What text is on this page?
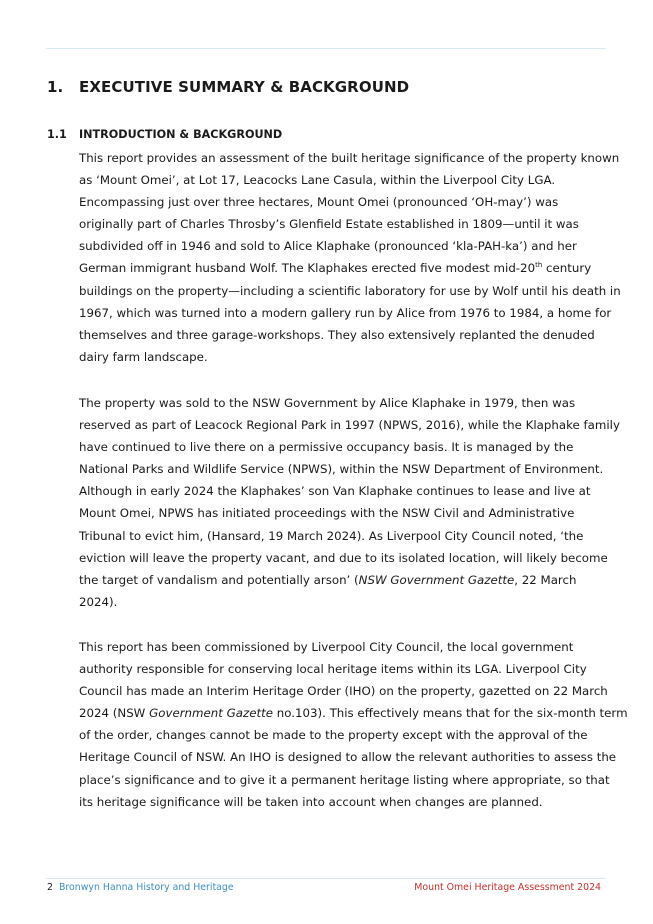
1. EXECUTIVE SUMMARY & BACKGROUND
1.1 INTRODUCTION & BACKGROUND
This report provides an assessment of the built heritage significance of the property known
as ‘Mount Omei’, at Lot 17, Leacocks Lane Casula, within the Liverpool City LGA.
Encompassing just over three hectares, Mount Omei (pronounced ‘OH-may’) was
originally part of Charles Throsby’s Glenfield Estate established in 1809—until it was
subdivided off in 1946 and sold to Alice Klaphake (pronounced ‘kla-PAH-ka’) and her
German immigrant husband Wolf. The Klaphakes erected five modest mid-20th century
buildings on the property—including a scientific laboratory for use by Wolf until his death in
1967, which was turned into a modern gallery run by Alice from 1976 to 1984, a home for
themselves and three garage-workshops. They also extensively replanted the denuded
dairy farm landscape.
The property was sold to the NSW Government by Alice Klaphake in 1979, then was
reserved as part of Leacock Regional Park in 1997 (NPWS, 2016), while the Klaphake family
have continued to live there on a permissive occupancy basis. It is managed by the
National Parks and Wildlife Service (NPWS), within the NSW Department of Environment.
Although in early 2024 the Klaphakes’ son Van Klaphake continues to lease and live at
Mount Omei, NPWS has initiated proceedings with the NSW Civil and Administrative
Tribunal to evict him, (Hansard, 19 March 2024). As Liverpool City Council noted, ‘the
eviction will leave the property vacant, and due to its isolated location, will likely become
the target of vandalism and potentially arson’ (NSW Government Gazette, 22 March
2024).
This report has been commissioned by Liverpool City Council, the local government
authority responsible for conserving local heritage items within its LGA. Liverpool City
Council has made an Interim Heritage Order (IHO) on the property, gazetted on 22 March
2024 (NSW Government Gazette no.103). This effectively means that for the six-month term
of the order, changes cannot be made to the property except with the approval of the
Heritage Council of NSW. An IHO is designed to allow the relevant authorities to assess the
place’s significance and to give it a permanent heritage listing where appropriate, so that
its heritage significance will be taken into account when changes are planned.
2 Bronwyn Hanna History and Heritage	Mount Omei Heritage Assessment 2024
